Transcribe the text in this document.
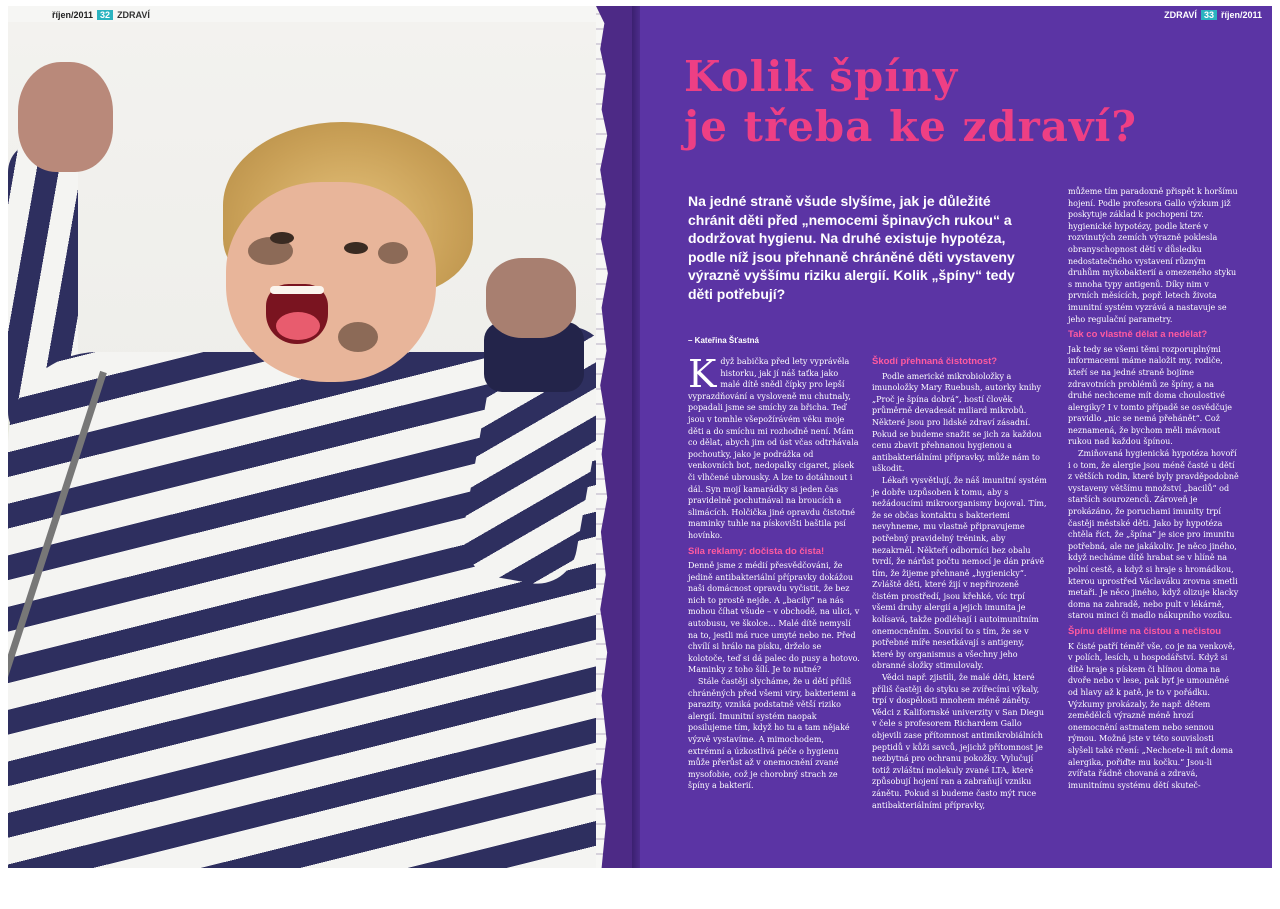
říjen/2011 32 ZDRAVÍ	ZDRAVÍ 33 říjen/2011
Kolik špíny
je třeba ke zdraví?
Na jedné straně všude slyšíme, jak je důležité chránit děti před „nemocemi špinavých rukou“ a dodržovat hygienu. Na druhé existuje hypotéza, podle níž jsou přehnaně chráněné děti vystaveny výrazně vyššímu riziku alergií. Kolik „špíny“ tedy děti potřebují?
– Kateřina Šťastná

Když babička před lety vyprávěla historku, jak jí náš taťka jako malé dítě snědl čípky pro lepší vyprazdňování a vysloveně mu chutnaly, popadali jsme se smíchy za břicha. Teď jsou v tomhle všepožírávém věku moje děti a do smíchu mi rozhodně není. Mám co dělat, abych jim od úst včas odtrhávala pochoutky, jako je podrážka od venkovních bot, nedopalky cigaret, písek či vlhčené ubrousky. A lze to dotáhnout i dál. Syn mojí kamarádky si jeden čas pravidelně pochutnával na broucích a slimácích. Holčička jiné opravdu čistotné maminky tuhle na pískovišti baštila psí hovínko.

Síla reklamy: dočista do čista!

Denně jsme z médií přesvědčováni, že jedině antibakteriální přípravky dokážou naši domácnost opravdu vyčistit, že bez nich to prostě nejde. A „bacily“ na nás mohou číhat všude – v obchodě, na ulici, v autobusu, ve školce… Malé dítě nemyslí na to, jestli má ruce umyté nebo ne. Před chvílí si hrálo na písku, drželo se kolotoče, teď si dá palec do pusy a hotovo. Maminky z toho šílí. Je to nutné?

Stále častěji slycháme, že u dětí příliš chráněných před všemi viry, bakteriemi a parazity, vzniká podstatně větší riziko alergií. Imunitní systém naopak posilujeme tím, když ho tu a tam nějaké výzvě vystavíme. A mimochodem, extrémní a úzkostlivá péče o hygienu může přerůst až v onemocnění zvané mysofobie, což je chorobný strach ze špíny a bakterií.

Škodí přehnaná čistotnost?

Podle americké mikrobioložky a imunoložky Mary Ruebush, autorky knihy „Proč je špína dobrá“, hostí člověk průměrně devadesát miliard mikrobů. Některé jsou pro lidské zdraví zásadní. Pokud se budeme snažit se jich za každou cenu zbavit přehnanou hygienou a antibakteriálními přípravky, může nám to uškodit.

Lékaři vysvětlují, že náš imunitní systém je dobře uzpůsoben k tomu, aby s nežádoucími mikroorganismy bojoval. Tím, že se občas kontaktu s bakteriemi nevyhneme, mu vlastně připravujeme potřebný pravidelný trénink, aby nezakrněl. Někteří odborníci bez obalu tvrdí, že nárůst počtu nemocí je dán právě tím, že žijeme přehnaně „hygienicky“. Zvláště děti, které žijí v nepřirozeně čistém prostředí, jsou křehké, víc trpí všemi druhy alergií a jejich imunita je kolísavá, takže podléhají i autoimunitním onemocněním. Souvisí to s tím, že se v potřebné míře nesetkávají s antigeny, které by organismus a všechny jeho obranné složky stimulovaly.

Vědci např. zjistili, že malé děti, které příliš častěji do styku se zvířecími výkaly, trpí v dospělosti mnohem méně záněty. Vědci z Kalifornské univerzity v San Diegu v čele s profesorem Richardem Gallo objevili zase přítomnost antimikrobiálních peptidů v kůži savců, jejichž přítomnost je nezbytná pro ochranu pokožky. Vylučují totiž zvláštní molekuly zvané LTA, které způsobují hojení ran a zabraňují vzniku zánětu. Pokud si budeme často mýt ruce antibakteriálními přípravky,

můžeme tím paradoxně přispět k horšímu hojení. Podle profesora Gallo výzkum již poskytuje základ k pochopení tzv. hygienické hypotézy, podle které v rozvinutých zemích výrazně poklesla obranyschopnost dětí v důsledku nedostatečného vystavení různým druhům mykobakterií a omezeného styku s mnoha typy antigenů. Díky nim v prvních měsících, popř. letech života imunitní systém vyzrává a nastavuje se jeho regulační parametry.

Tak co vlastně dělat a nedělat?

Jak tedy se všemi těmi rozporuplnými informacemi máme naložit my, rodiče, kteří se na jedné straně bojíme zdravotních problémů ze špíny, a na druhé nechceme mít doma choulostivé alergiky? I v tomto případě se osvědčuje pravidlo „nic se nemá přehánět“. Což neznamená, že bychom měli mávnout rukou nad každou špínou.

Zmiňovaná hygienická hypotéza hovoří i o tom, že alergie jsou méně časté u dětí z větších rodin, které byly pravděpodobně vystaveny většímu množství „bacilů“ od starších sourozenců. Zároveň je prokázáno, že poruchami imunity trpí častěji městské děti. Jako by hypotéza chtěla říct, že „špína“ je sice pro imunitu potřebná, ale ne jakákoliv. Je něco jiného, když necháme dítě hrabat se v hlíně na polní cestě, a když si hraje s hromádkou, kterou uprostřed Václaváku zrovna smetli metaři. Je něco jiného, když olizuje klacky doma na zahradě, nebo pult v lékárně, starou minci či madlo nákupního vozíku.

Špínu dělíme na čistou a nečistou

K čisté patří téměř vše, co je na venkově, v polích, lesích, u hospodářství. Když si dítě hraje s pískem či hlínou doma na dvoře nebo v lese, pak byť je umouněné od hlavy až k patě, je to v pořádku. Výzkumy prokázaly, že např. dětem zemědělců výrazně méně hrozí onemocnění astmatem nebo sennou rýmou. Možná jste v této souvislosti slyšeli také rčení: „Nechcete-li mít doma alergika, pořiďte mu kočku.“ Jsou-li zvířata řádně chovaná a zdravá, imunitnímu systému dětí skuteč-
